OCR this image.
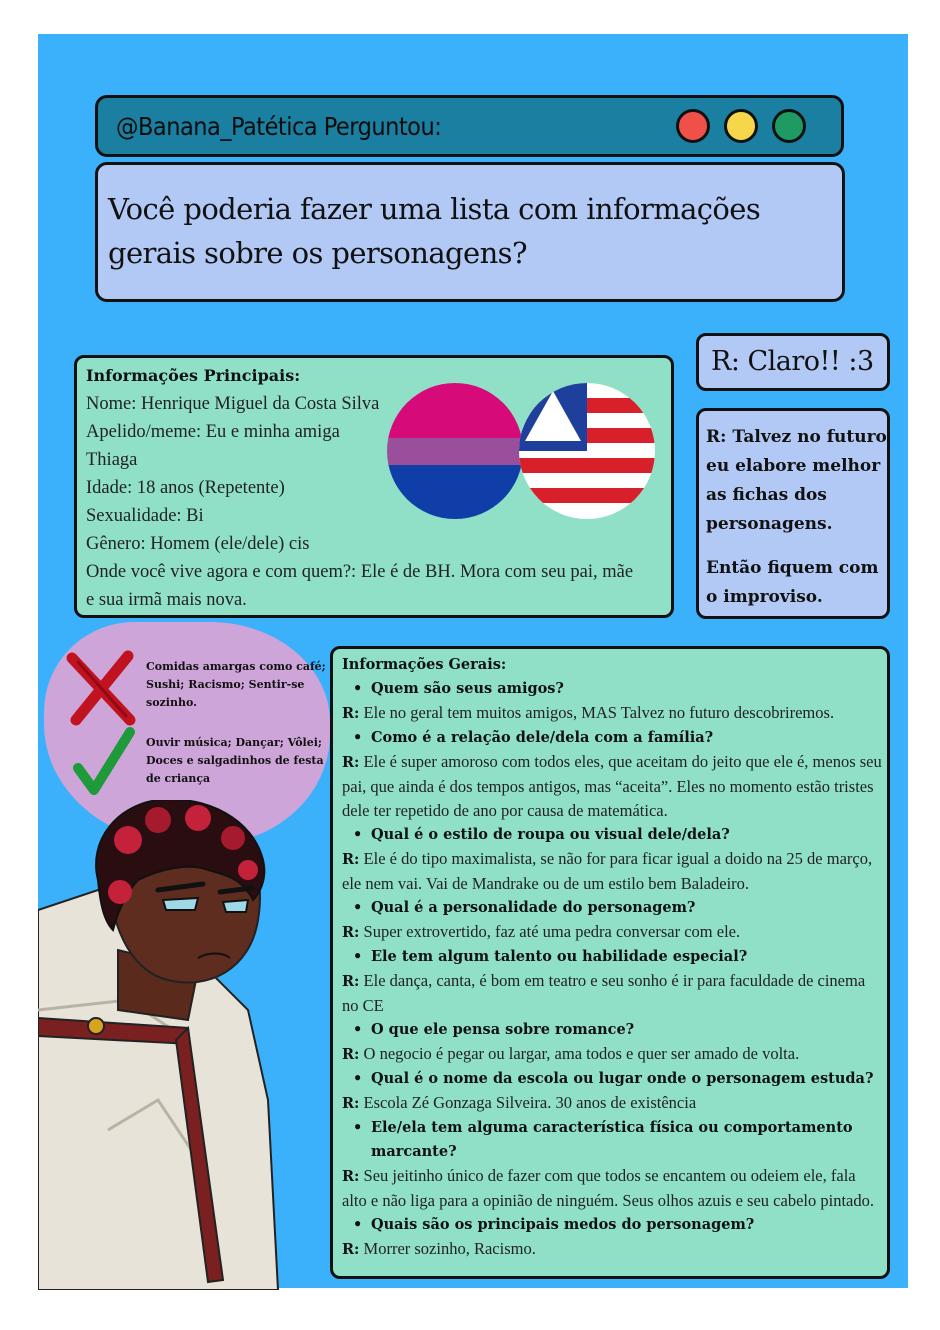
@Banana_Patética Perguntou:
Você poderia fazer uma lista com informações gerais sobre os personagens?
R: Claro!! :3
R: Talvez no futuro eu elabore melhor as fichas dos personagens.
Então fiquem com o improviso.
Informações Principais:
Nome: Henrique Miguel da Costa Silva
Apelido/meme: Eu e minha amiga
Thiaga
Idade: 18 anos (Repetente)
Sexualidade: Bi
Gênero: Homem (ele/dele) cis
Onde você vive agora e com quem?: Ele é de BH. Mora com seu pai, mãe
e sua irmã mais nova.
Comidas amargas como café; Sushi; Racismo; Sentir-se sozinho.
Ouvir música; Dançar; Vôlei; Doces e salgadinhos de festa de criança
Informações Gerais:
• Quem são seus amigos?
R: Ele no geral tem muitos amigos, MAS Talvez no futuro descobriremos.
• Como é a relação dele/dela com a família?
R: Ele é super amoroso com todos eles, que aceitam do jeito que ele é, menos seu pai, que ainda é dos tempos antigos, mas “aceita”. Eles no momento estão tristes dele ter repetido de ano por causa de matemática.
• Qual é o estilo de roupa ou visual dele/dela?
R: Ele é do tipo maximalista, se não for para ficar igual a doido na 25 de março, ele nem vai. Vai de Mandrake ou de um estilo bem Baladeiro.
• Qual é a personalidade do personagem?
R: Super extrovertido, faz até uma pedra conversar com ele.
• Ele tem algum talento ou habilidade especial?
R: Ele dança, canta, é bom em teatro e seu sonho é ir para faculdade de cinema no CE
• O que ele pensa sobre romance?
R: O negocio é pegar ou largar, ama todos e quer ser amado de volta.
• Qual é o nome da escola ou lugar onde o personagem estuda?
R: Escola Zé Gonzaga Silveira. 30 anos de existência
• Ele/ela tem alguma característica física ou comportamento marcante?
R: Seu jeitinho único de fazer com que todos se encantem ou odeiem ele, fala alto e não liga para a opinião de ninguém. Seus olhos azuis e seu cabelo pintado.
• Quais são os principais medos do personagem?
R: Morrer sozinho, Racismo.
